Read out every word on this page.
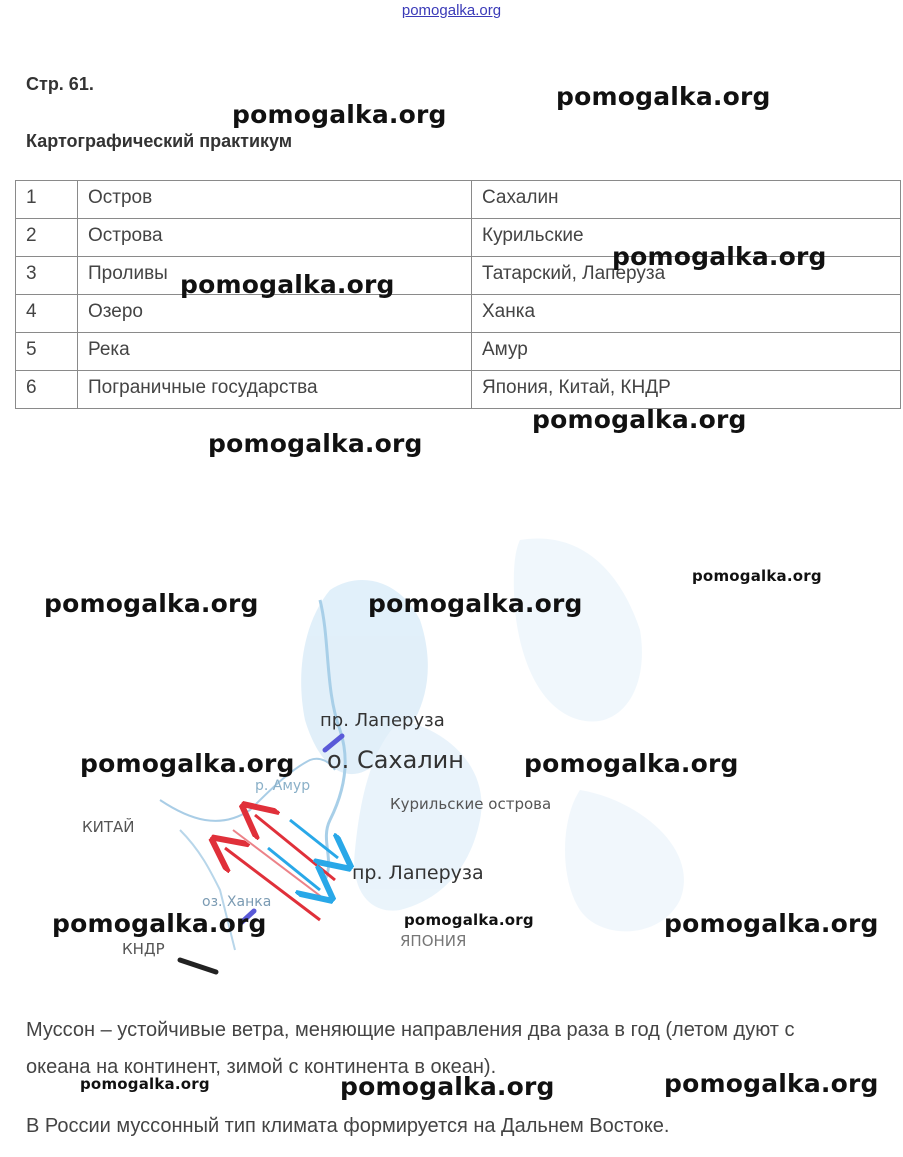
pomogalka.org
Стр. 61.
Картографический практикум
1	Остров	Сахалин
2	Острова	Курильские
3	Проливы	Татарский, Лаперуза
4	Озеро	Ханка
5	Река	Амур
6	Пограничные государства	Япония, Китай, КНДР
пр. Лаперуза
о. Сахалин
р. Амур
Курильские острова
КИТАЙ
пр. Лаперуза
оз. Ханка
КНДР	ЯПОНИЯ
Муссон – устойчивые ветра, меняющие направления два раза в год (летом дуют с
океана на континент, зимой с континента в океан).
В России муссонный тип климата формируется на Дальнем Востоке.
pomogalka.org
pomogalka.org
pomogalka.org
pomogalka.org
pomogalka.org
pomogalka.org
pomogalka.org
pomogalka.org	pomogalka.org
pomogalka.org	pomogalka.org
pomogalka.org	pomogalka.org	pomogalka.org
pomogalka.org	pomogalka.org	pomogalka.org
